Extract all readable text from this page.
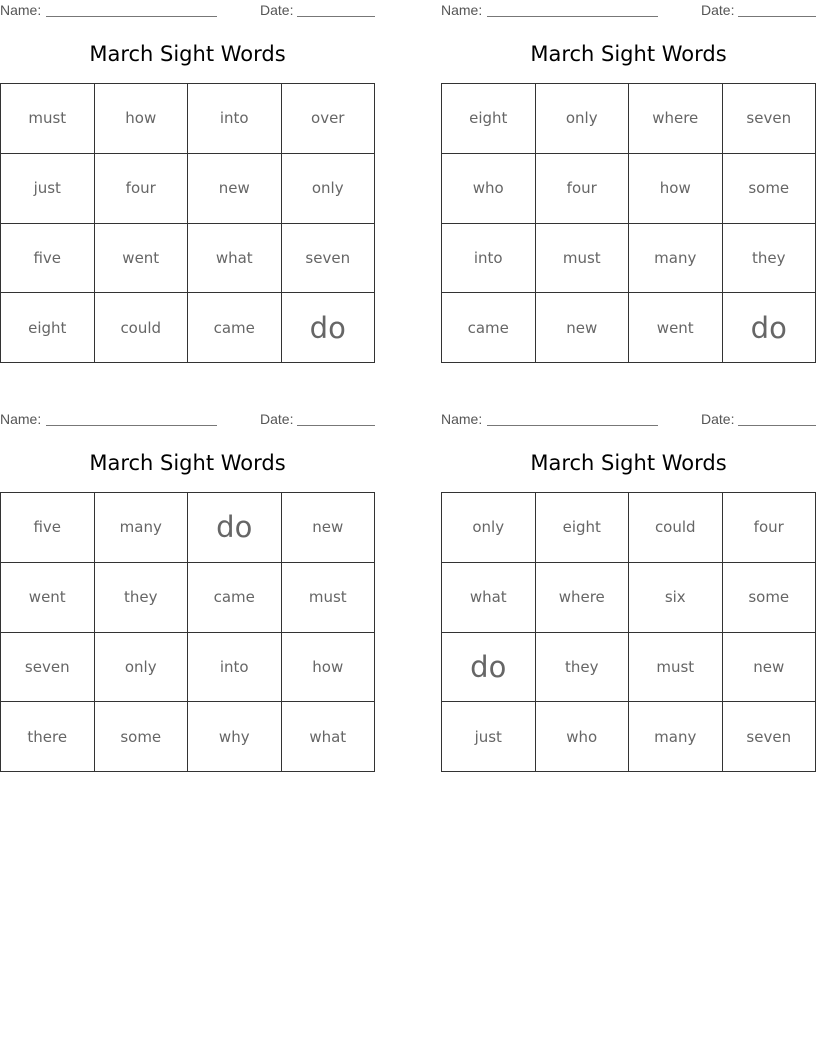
Name:	Date:
March Sight Words
must	how	into	over
just	four	new	only
five	went	what	seven
eight	could	came	do
Name:	Date:
March Sight Words
eight	only	where	seven
who	four	how	some
into	must	many	they
came	new	went	do
Name:	Date:
March Sight Words
five	many	do	new
went	they	came	must
seven	only	into	how
there	some	why	what
Name:	Date:
March Sight Words
only	eight	could	four
what	where	six	some
do	they	must	new
just	who	many	seven
